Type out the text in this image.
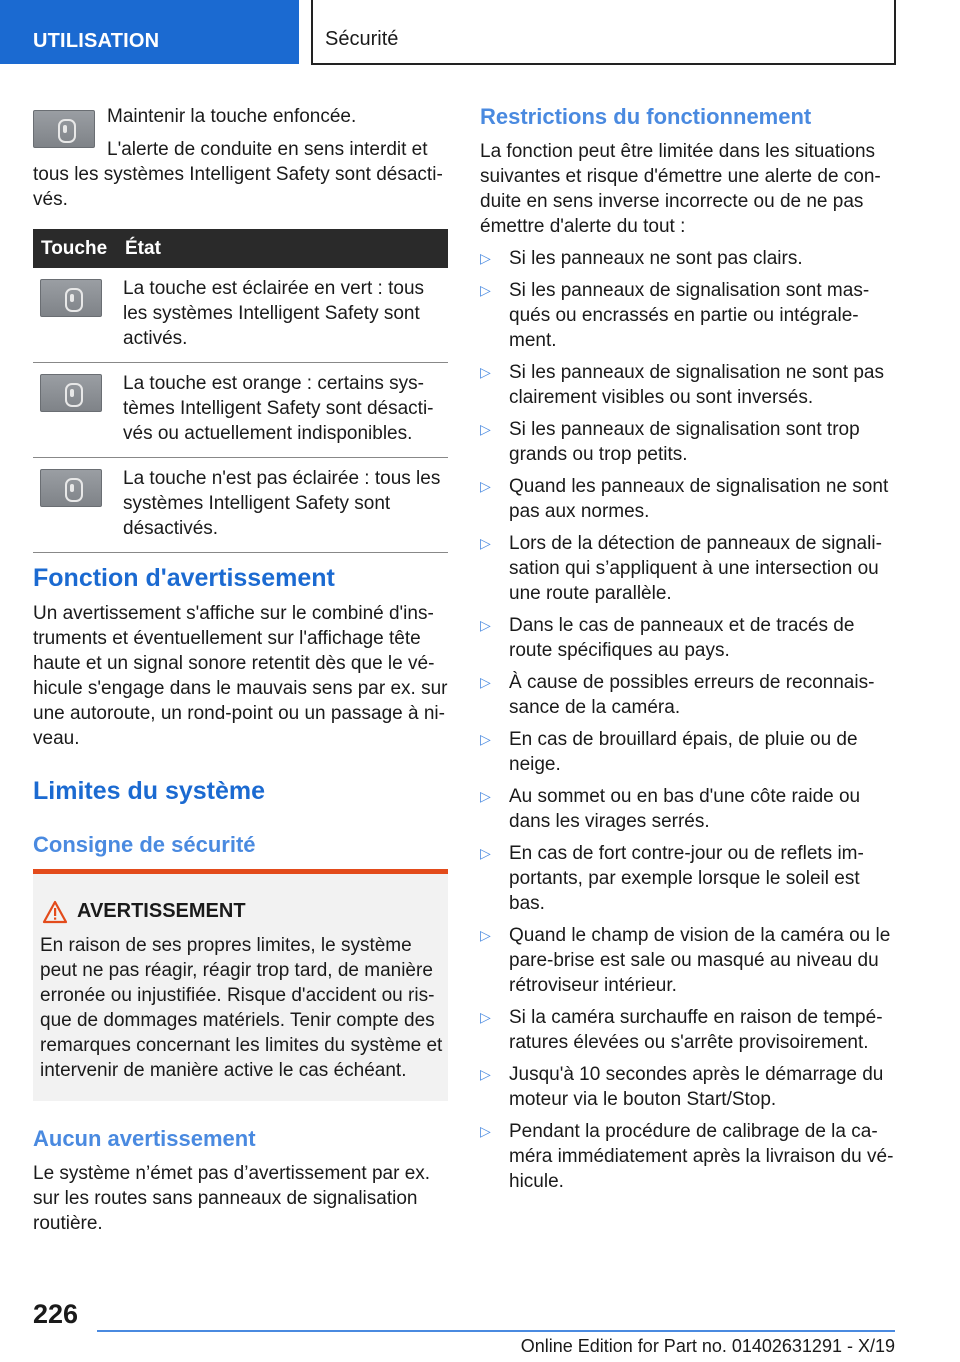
UTILISATION	Sécurité

Maintenir la touche enfoncée.

L'alerte de conduite en sens interdit et

tous les systèmes Intelligent Safety sont désactivés.

Touche	État

	La touche est éclairée en vert : tous les systèmes Intelligent Safety sont activés.

	La touche est orange : certains systèmes Intelligent Safety sont désactivés ou actuellement indisponibles.

	La touche n'est pas éclairée : tous les systèmes Intelligent Safety sont désactivés.
Fonction d'avertissement

Un avertissement s'affiche sur le combiné d'instruments et éventuellement sur l'affichage tête haute et un signal sonore retentit dès que le véhicule s'engage dans le mauvais sens par ex. sur une autoroute, un rond-point ou un passage à niveau.

Limites du système
Consigne de sécurité
AVERTISSEMENT

En raison de ses propres limites, le système peut ne pas réagir, réagir trop tard, de manière erronée ou injustifiée. Risque d'accident ou risque de dommages matériels. Tenir compte des remarques concernant les limites du système et intervenir de manière active le cas échéant.

Aucun avertissement

Le système n’émet pas d’avertissement par ex. sur les routes sans panneaux de signalisation routière.

Restrictions du fonctionnement

La fonction peut être limitée dans les situations suivantes et risque d'émettre une alerte de conduite en sens inverse incorrecte ou de ne pas émettre d'alerte du tout :

▷ Si les panneaux ne sont pas clairs.
▷ Si les panneaux de signalisation sont masqués ou encrassés en partie ou intégralement.
▷ Si les panneaux de signalisation ne sont pas clairement visibles ou sont inversés.
▷ Si les panneaux de signalisation sont trop grands ou trop petits.
▷ Quand les panneaux de signalisation ne sont pas aux normes.
▷ Lors de la détection de panneaux de signalisation qui s’appliquent à une intersection ou une route parallèle.
▷ Dans le cas de panneaux et de tracés de route spécifiques au pays.
▷ À cause de possibles erreurs de reconnaissance de la caméra.
▷ En cas de brouillard épais, de pluie ou de neige.
▷ Au sommet ou en bas d'une côte raide ou dans les virages serrés.
▷ En cas de fort contre-jour ou de reflets importants, par exemple lorsque le soleil est bas.
▷ Quand le champ de vision de la caméra ou le pare-brise est sale ou masqué au niveau du rétroviseur intérieur.
▷ Si la caméra surchauffe en raison de températures élevées ou s'arrête provisoirement.
▷ Jusqu'à 10 secondes après le démarrage du moteur via le bouton Start/Stop.
▷ Pendant la procédure de calibrage de la caméra immédiatement après la livraison du véhicule.
226
Online Edition for Part no. 01402631291 - X/19
